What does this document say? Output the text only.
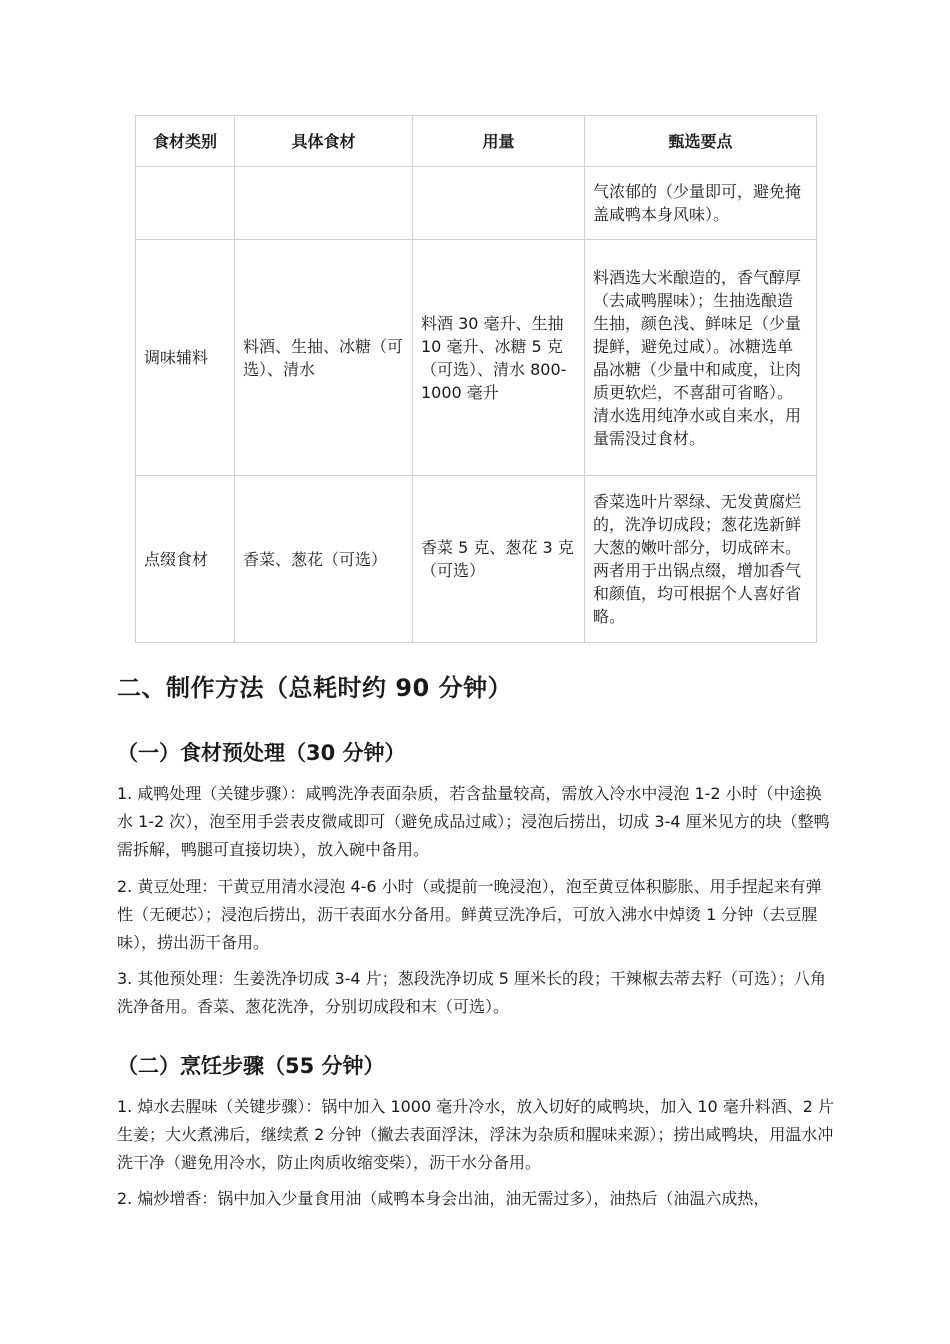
食材类别	具体食材	用量	甄选要点
			气浓郁的（少量即可，避免掩盖咸鸭本身风味）。
调味辅料	料酒、生抽、冰糖（可选）、清水	料酒 30 毫升、生抽 10 毫升、冰糖 5 克（可选）、清水 800-1000 毫升	料酒选大米酿造的，香气醇厚（去咸鸭腥味）；生抽选酿造生抽，颜色浅、鲜味足（少量提鲜，避免过咸）。冰糖选单晶冰糖（少量中和咸度，让肉质更软烂，不喜甜可省略）。清水选用纯净水或自来水，用量需没过食材。
点缀食材	香菜、葱花（可选）	香菜 5 克、葱花 3 克（可选）	香菜选叶片翠绿、无发黄腐烂的，洗净切成段；葱花选新鲜大葱的嫩叶部分，切成碎末。两者用于出锅点缀，增加香气和颜值，均可根据个人喜好省略。
二、制作方法（总耗时约 90 分钟）
（一）食材预处理（30 分钟）

1. 咸鸭处理（关键步骤）：咸鸭洗净表面杂质，若含盐量较高，需放入冷水中浸泡 1-2 小时（中途换水 1-2 次），泡至用手尝表皮微咸即可（避免成品过咸）；浸泡后捞出，切成 3-4 厘米见方的块（整鸭需拆解，鸭腿可直接切块），放入碗中备用。

2. 黄豆处理：干黄豆用清水浸泡 4-6 小时（或提前一晚浸泡），泡至黄豆体积膨胀、用手捏起来有弹性（无硬芯）；浸泡后捞出，沥干表面水分备用。鲜黄豆洗净后，可放入沸水中焯烫 1 分钟（去豆腥味），捞出沥干备用。

3. 其他预处理：生姜洗净切成 3-4 片；葱段洗净切成 5 厘米长的段；干辣椒去蒂去籽（可选）；八角洗净备用。香菜、葱花洗净，分别切成段和末（可选）。

（二）烹饪步骤（55 分钟）

1. 焯水去腥味（关键步骤）：锅中加入 1000 毫升冷水，放入切好的咸鸭块，加入 10 毫升料酒、2 片生姜；大火煮沸后，继续煮 2 分钟（撇去表面浮沫，浮沫为杂质和腥味来源）；捞出咸鸭块，用温水冲洗干净（避免用冷水，防止肉质收缩变柴），沥干水分备用。

2. 煸炒增香：锅中加入少量食用油（咸鸭本身会出油，油无需过多），油热后（油温六成热，
